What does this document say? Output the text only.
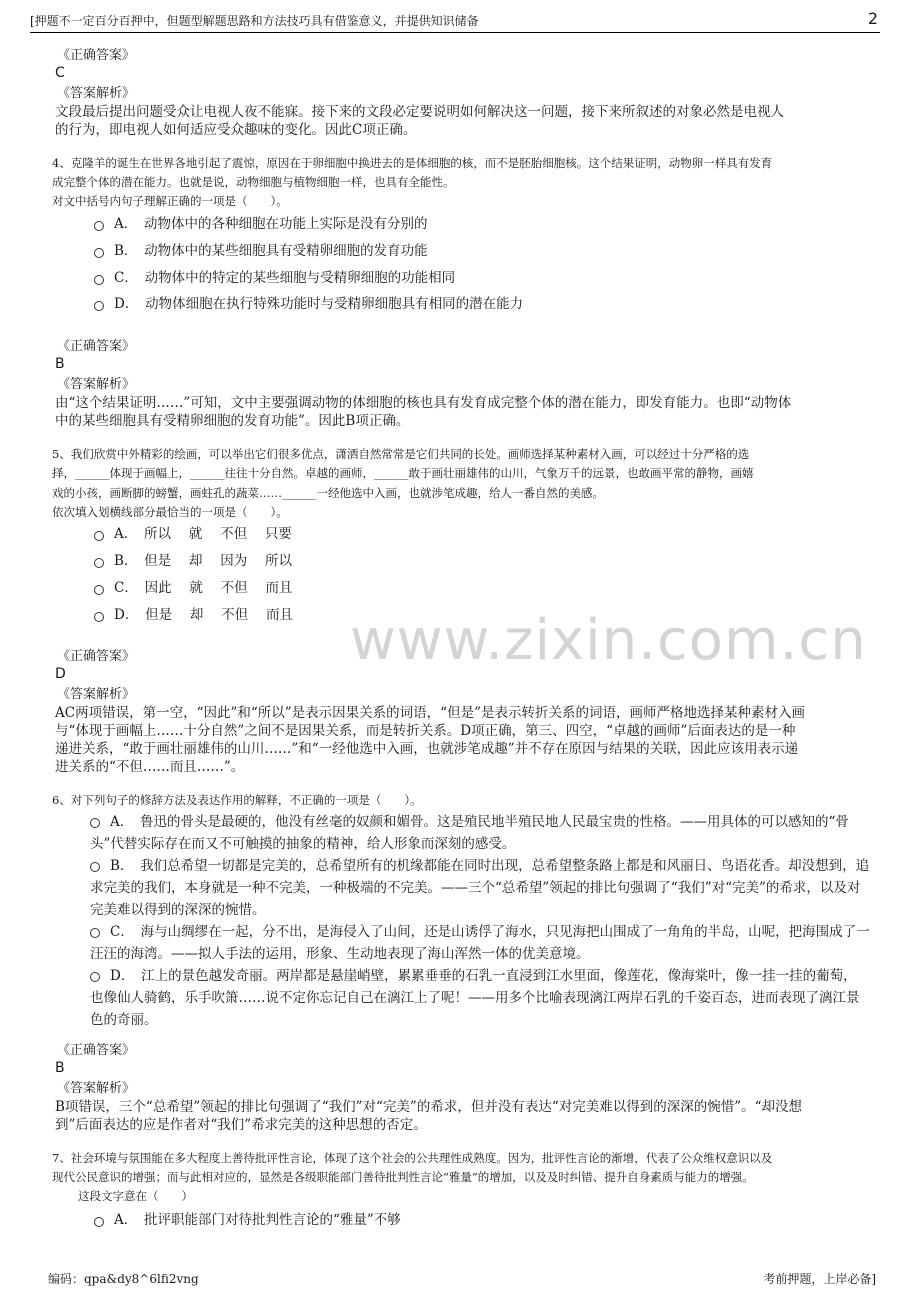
[押题不一定百分百押中，但题型解题思路和方法技巧具有借鉴意义，并提供知识储备	2
www.zixin.com.cn
《正确答案》
C
《答案解析》
文段最后提出问题受众让电视人夜不能寐。接下来的文段必定要说明如何解决这一问题，接下来所叙述的对象必然是电视人
的行为，即电视人如何适应受众趣味的变化。因此C项正确。
4、克隆羊的诞生在世界各地引起了震惊，原因在于卵细胞中换进去的是体细胞的核，而不是胚胎细胞核。这个结果证明，动物卵一样具有发育
成完整个体的潜在能力。也就是说，动物细胞与植物细胞一样，也具有全能性。
对文中括号内句子理解正确的一项是（　　）。
A．　动物体中的各种细胞在功能上实际是没有分别的
B．　动物体中的某些细胞具有受精卵细胞的发育功能
C．　动物体中的特定的某些细胞与受精卵细胞的功能相同
D．　动物体细胞在执行特殊功能时与受精卵细胞具有相同的潜在能力
《正确答案》
B
《答案解析》
由“这个结果证明……”可知，文中主要强调动物的体细胞的核也具有发育成完整个体的潜在能力，即发育能力。也即“动物体
中的某些细胞具有受精卵细胞的发育功能”。因此B项正确。
5、我们欣赏中外精彩的绘画，可以举出它们很多优点，潇洒自然常常是它们共同的长处。画师选择某种素材入画，可以经过十分严格的选
择，______体现于画幅上，______往往十分自然。卓越的画师，______敢于画壮丽雄伟的山川，气象万千的远景，也敢画平常的静物，画嬉
戏的小孩，画断脚的螃蟹，画蛀孔的蔬菜……______一经他选中入画，也就涉笔成趣，给人一番自然的美感。
依次填入划横线部分最恰当的一项是（　　）。
A．　所以　 就　 不但　 只要
B．　但是　 却　 因为　 所以
C．　因此　 就　 不但　 而且
D．　但是　 却　 不但　 而且
《正确答案》
D
《答案解析》
AC两项错误，第一空，“因此”和“所以”是表示因果关系的词语，“但是”是表示转折关系的词语，画师严格地选择某种素材入画
与“体现于画幅上……十分自然”之间不是因果关系，而是转折关系。D项正确，第三、四空，“卓越的画师”后面表达的是一种
递进关系，“敢于画壮丽雄伟的山川……”和“一经他选中入画，也就涉笔成趣”并不存在原因与结果的关联，因此应该用表示递
进关系的“不但……而且……”。
6、对下列句子的修辞方法及表达作用的解释，不正确的一项是（　　）。
A．　鲁迅的骨头是最硬的，他没有丝毫的奴颜和媚骨。这是殖民地半殖民地人民最宝贵的性格。——用具体的可以感知的“骨头”代替实际存在而又不可触摸的抽象的精神，给人形象而深刻的感受。
B．　我们总希望一切都是完美的，总希望所有的机缘都能在同时出现，总希望整条路上都是和风丽日、鸟语花香。却没想到，追求完美的我们，本身就是一种不完美，一种极端的不完美。——三个“总希望”领起的排比句强调了“我们”对“完美”的希求，以及对完美难以得到的深深的惋惜。
C．　海与山绸缪在一起，分不出，是海侵入了山间，还是山诱俘了海水，只见海把山围成了一角角的半岛，山呢，把海围成了一汪汪的海湾。——拟人手法的运用，形象、生动地表现了海山浑然一体的优美意境。
D．　江上的景色越发奇丽。两岸都是悬崖峭壁，累累垂垂的石乳一直浸到江水里面，像莲花，像海棠叶，像一挂一挂的葡萄，也像仙人骑鹤，乐手吹箫……说不定你忘记自己在漓江上了呢！——用多个比喻表现漓江两岸石乳的千姿百态，进而表现了漓江景色的奇丽。
《正确答案》
B
《答案解析》
B项错误，三个“总希望”领起的排比句强调了“我们”对“完美”的希求，但并没有表达“对完美难以得到的深深的惋惜”。“却没想
到”后面表达的应是作者对“我们”希求完美的这种思想的否定。
7、社会环境与氛围能在多大程度上善待批评性言论，体现了这个社会的公共理性成熟度。因为，批评性言论的渐增，代表了公众维权意识以及
现代公民意识的增强；而与此相对应的，显然是各级职能部门善待批判性言论“雅量”的增加，以及及时纠错、提升自身素质与能力的增强。
这段文字意在（　　）
A．　批评职能部门对待批判性言论的“雅量”不够
编码：qpa&dy8^6lfi2vng	考前押题，上岸必备]
